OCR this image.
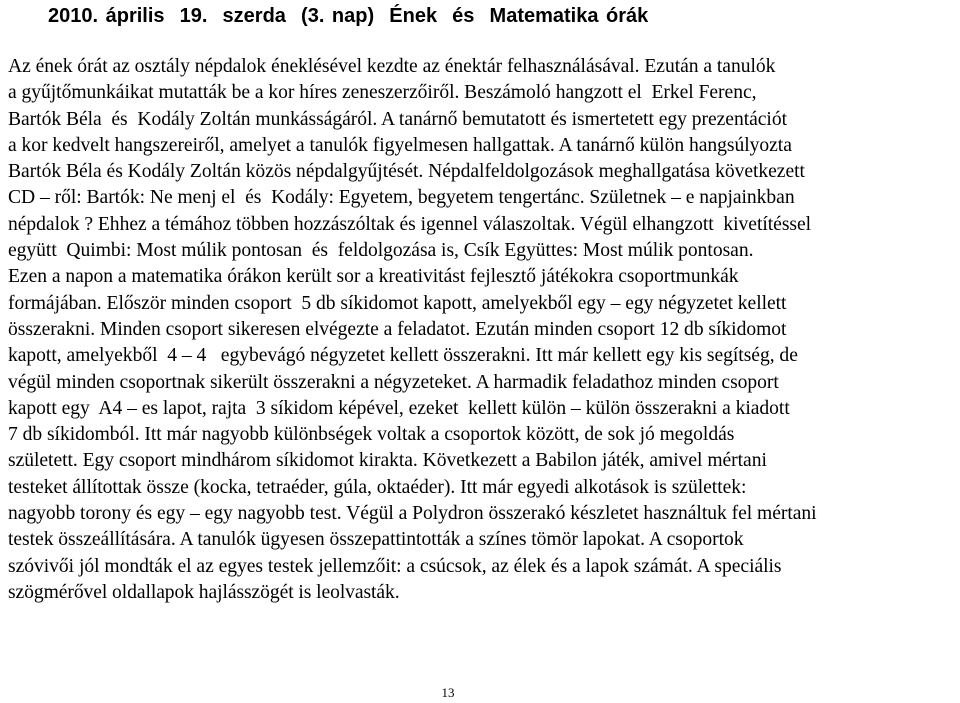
2010. április  19.  szerda  (3. nap)  Ének  és  Matematika órák
Az ének órát az osztály népdalok éneklésével kezdte az énektár felhasználásával. Ezután a tanulók
a gyűjtőmunkáikat mutatták be a kor híres zeneszerzőiről. Beszámoló hangzott el  Erkel Ferenc,
Bartók Béla  és  Kodály Zoltán munkásságáról. A tanárnő bemutatott és ismertetett egy prezentációt
a kor kedvelt hangszereiről, amelyet a tanulók figyelmesen hallgattak. A tanárnő külön hangsúlyozta
Bartók Béla és Kodály Zoltán közös népdalgyűjtését. Népdalfeldolgozások meghallgatása következett
CD – ről: Bartók: Ne menj el  és  Kodály: Egyetem, begyetem tengertánc. Születnek – e napjainkban
népdalok ? Ehhez a témához többen hozzászóltak és igennel válaszoltak. Végül elhangzott  kivetítéssel
együtt  Quimbi: Most múlik pontosan  és  feldolgozása is, Csík Együttes: Most múlik pontosan.
Ezen a napon a matematika órákon került sor a kreativitást fejlesztő játékokra csoportmunkák
formájában. Először minden csoport  5 db síkidomot kapott, amelyekből egy – egy négyzetet kellett
összerakni. Minden csoport sikeresen elvégezte a feladatot. Ezután minden csoport 12 db síkidomot
kapott, amelyekből  4 – 4   egybevágó négyzetet kellett összerakni. Itt már kellett egy kis segítség, de
végül minden csoportnak sikerült összerakni a négyzeteket. A harmadik feladathoz minden csoport
kapott egy  A4 – es lapot, rajta  3 síkidom képével, ezeket  kellett külön – külön összerakni a kiadott
7 db síkidomból. Itt már nagyobb különbségek voltak a csoportok között, de sok jó megoldás
született. Egy csoport mindhárom síkidomot kirakta. Következett a Babilon játék, amivel mértani
testeket állítottak össze (kocka, tetraéder, gúla, oktaéder). Itt már egyedi alkotások is születtek:
nagyobb torony és egy – egy nagyobb test. Végül a Polydron összerakó készletet használtuk fel mértani
testek összeállítására. A tanulók ügyesen összepattintották a színes tömör lapokat. A csoportok
szóvivői jól mondták el az egyes testek jellemzőit: a csúcsok, az élek és a lapok számát. A speciális
szögmérővel oldallapok hajlásszögét is leolvasták.
13
